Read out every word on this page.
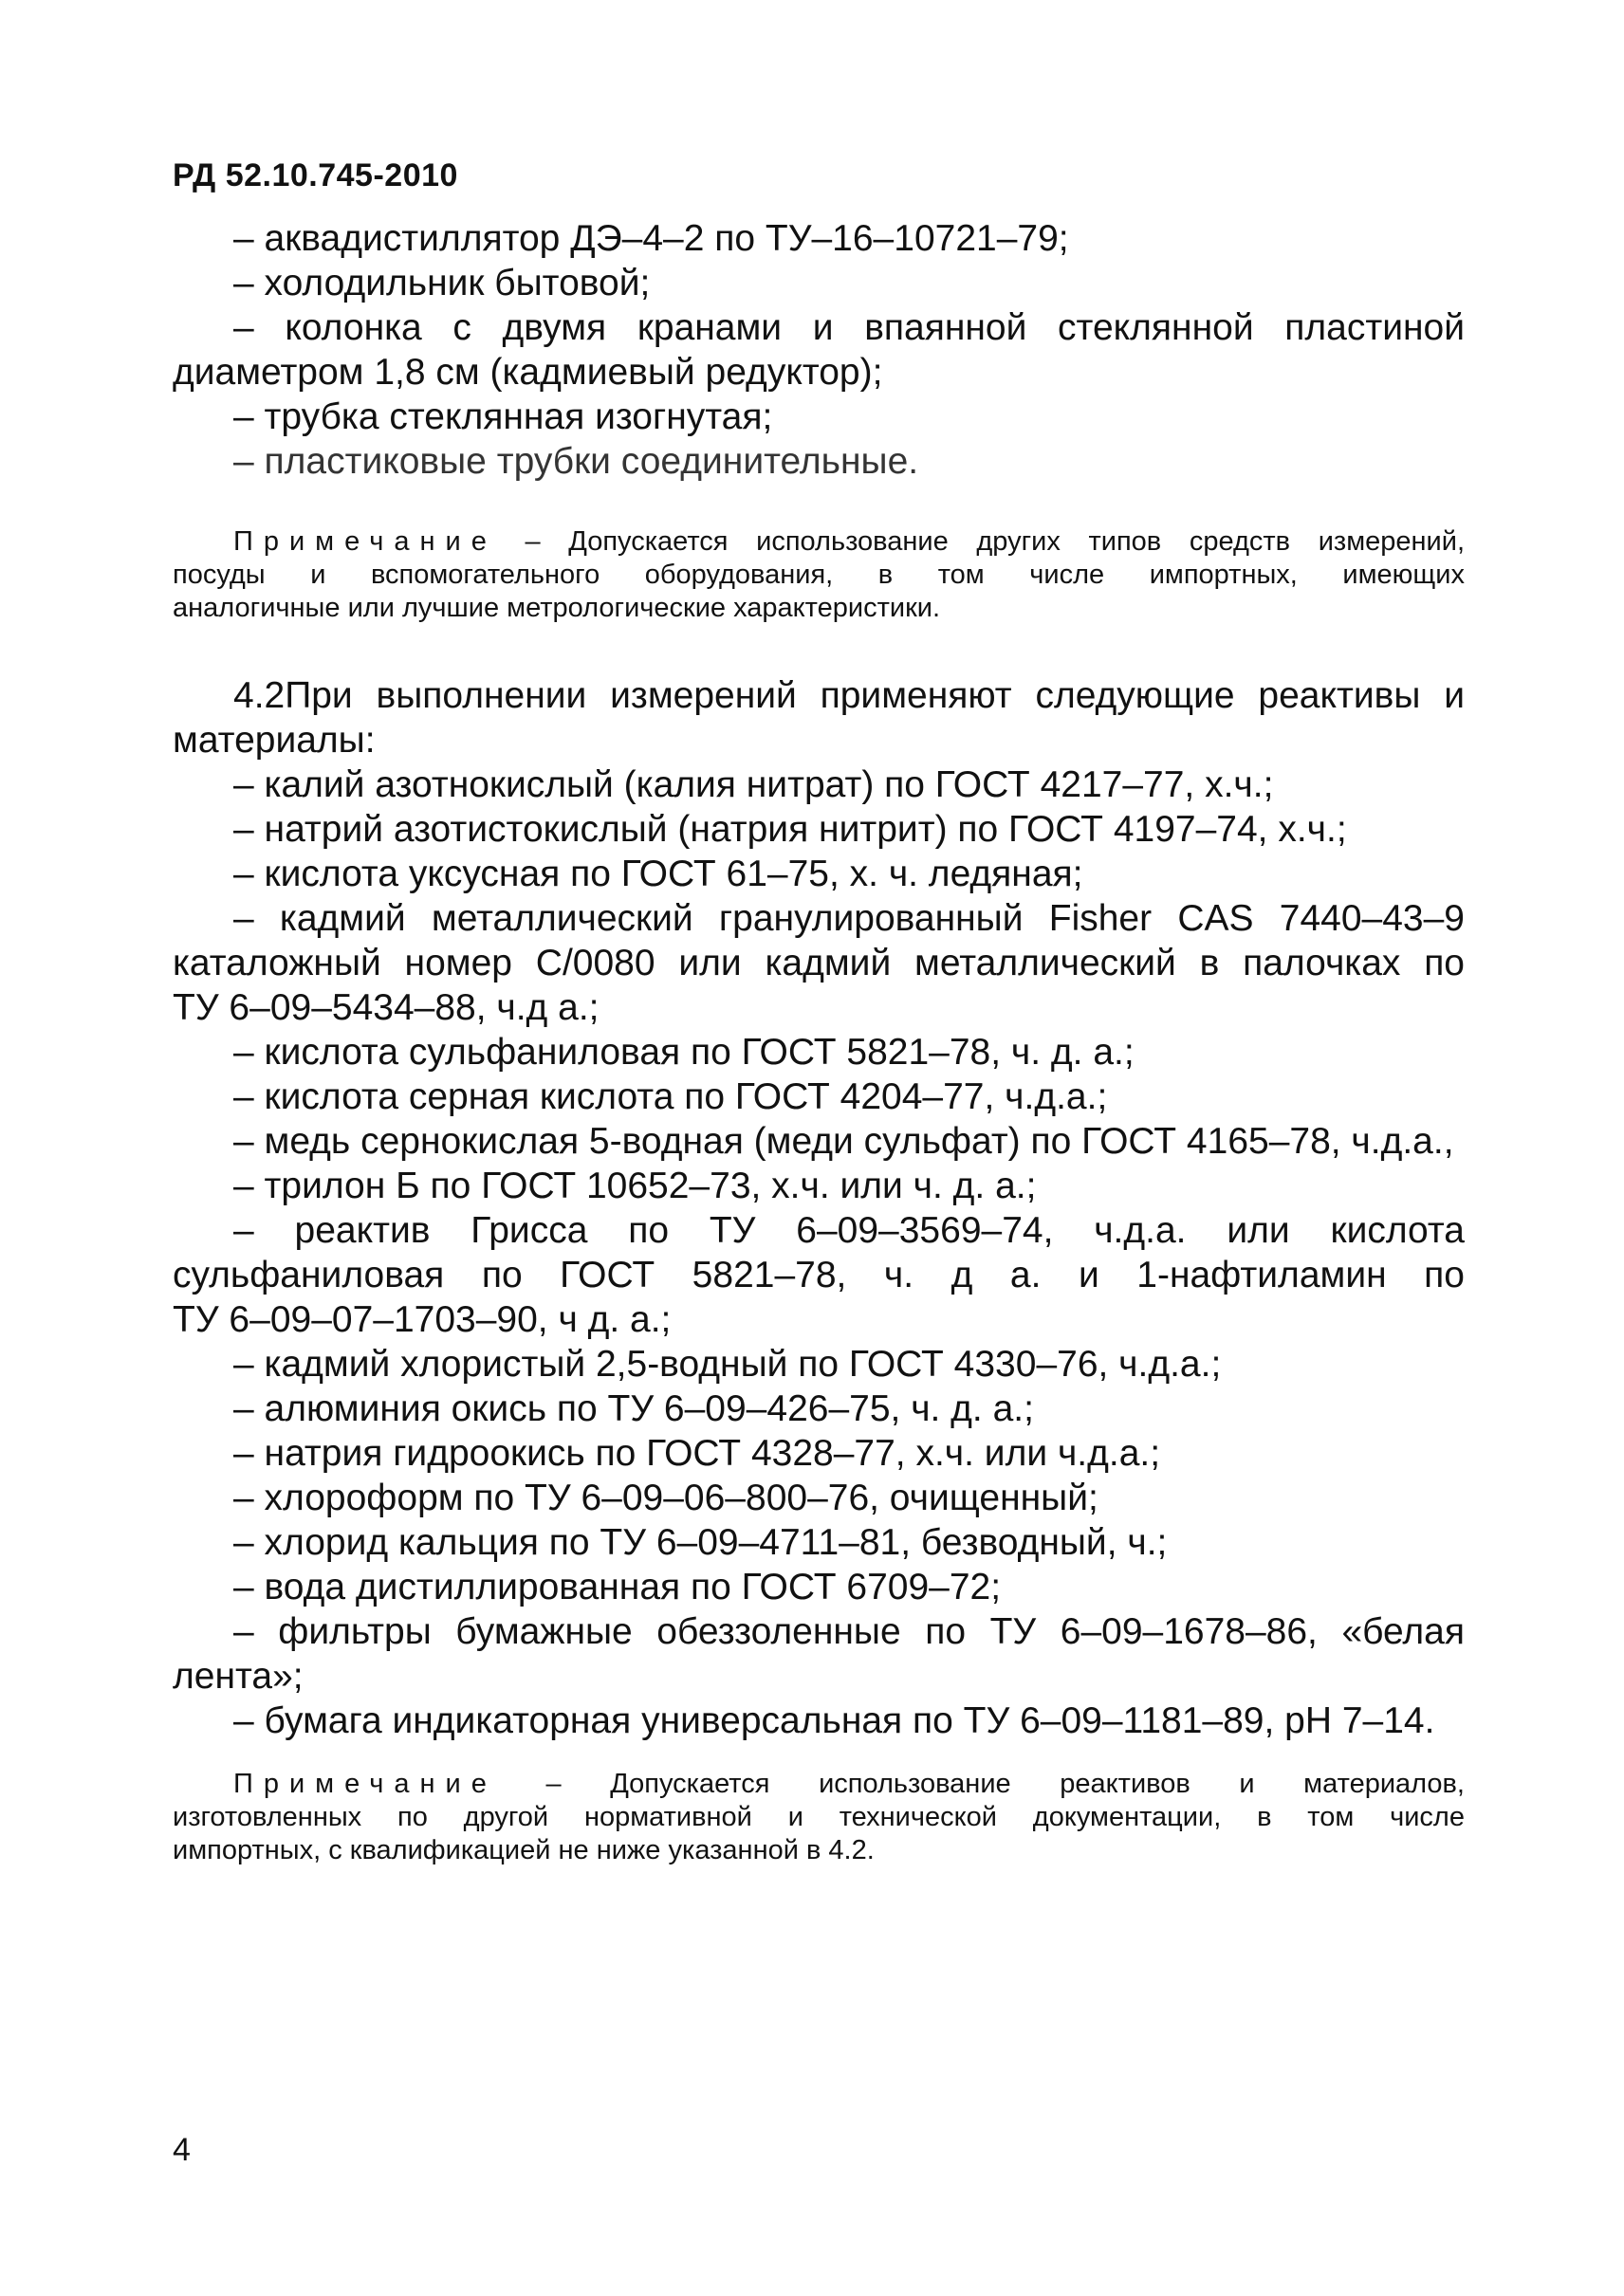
РД 52.10.745-2010
– аквадистиллятор ДЭ–4–2 по ТУ–16–10721–79;
– холодильник бытовой;
– колонка с двумя кранами и впаянной стеклянной пластиной
диаметром 1,8 см (кадмиевый редуктор);
– трубка стеклянная изогнутая;
– пластиковые трубки соединительные.
Примечание – Допускается использование других типов средств измерений,
посуды и вспомогательного оборудования, в том числе импортных, имеющих
аналогичные или лучшие метрологические характеристики.
4.2При выполнении измерений применяют следующие реактивы и
материалы:
– калий азотнокислый (калия нитрат) по ГОСТ 4217–77, х.ч.;
– натрий азотистокислый (натрия нитрит) по ГОСТ 4197–74, х.ч.;
– кислота уксусная по ГОСТ 61–75, х. ч. ледяная;
– кадмий металлический гранулированный Fisher CAS 7440–43–9
каталожный номер С/0080 или кадмий металлический в палочках по
ТУ 6–09–5434–88, ч.д а.;
– кислота сульфаниловая по ГОСТ 5821–78, ч. д. а.;
– кислота серная кислота по ГОСТ 4204–77, ч.д.а.;
– медь сернокислая 5-водная (меди сульфат) по ГОСТ 4165–78, ч.д.а.,
– трилон Б по ГОСТ 10652–73, х.ч. или ч. д. а.;
– реактив Грисса по ТУ 6–09–3569–74, ч.д.а. или кислота
сульфаниловая по ГОСТ 5821–78, ч. д а. и 1-нафтиламин по
ТУ 6–09–07–1703–90, ч д. а.;
– кадмий хлористый 2,5-водный по ГОСТ 4330–76, ч.д.а.;
– алюминия окись по ТУ 6–09–426–75, ч. д. а.;
– натрия гидроокись по ГОСТ 4328–77, х.ч. или ч.д.а.;
– хлороформ по ТУ 6–09–06–800–76, очищенный;
– хлорид кальция по ТУ 6–09–4711–81, безводный, ч.;
– вода дистиллированная по ГОСТ 6709–72;
– фильтры бумажные обеззоленные по ТУ 6–09–1678–86, «белая
лента»;
– бумага индикаторная универсальная по ТУ 6–09–1181–89, рН 7–14.
Примечание – Допускается использование реактивов и материалов,
изготовленных по другой нормативной и технической документации, в том числе
импортных, с квалификацией не ниже указанной в 4.2.
4
